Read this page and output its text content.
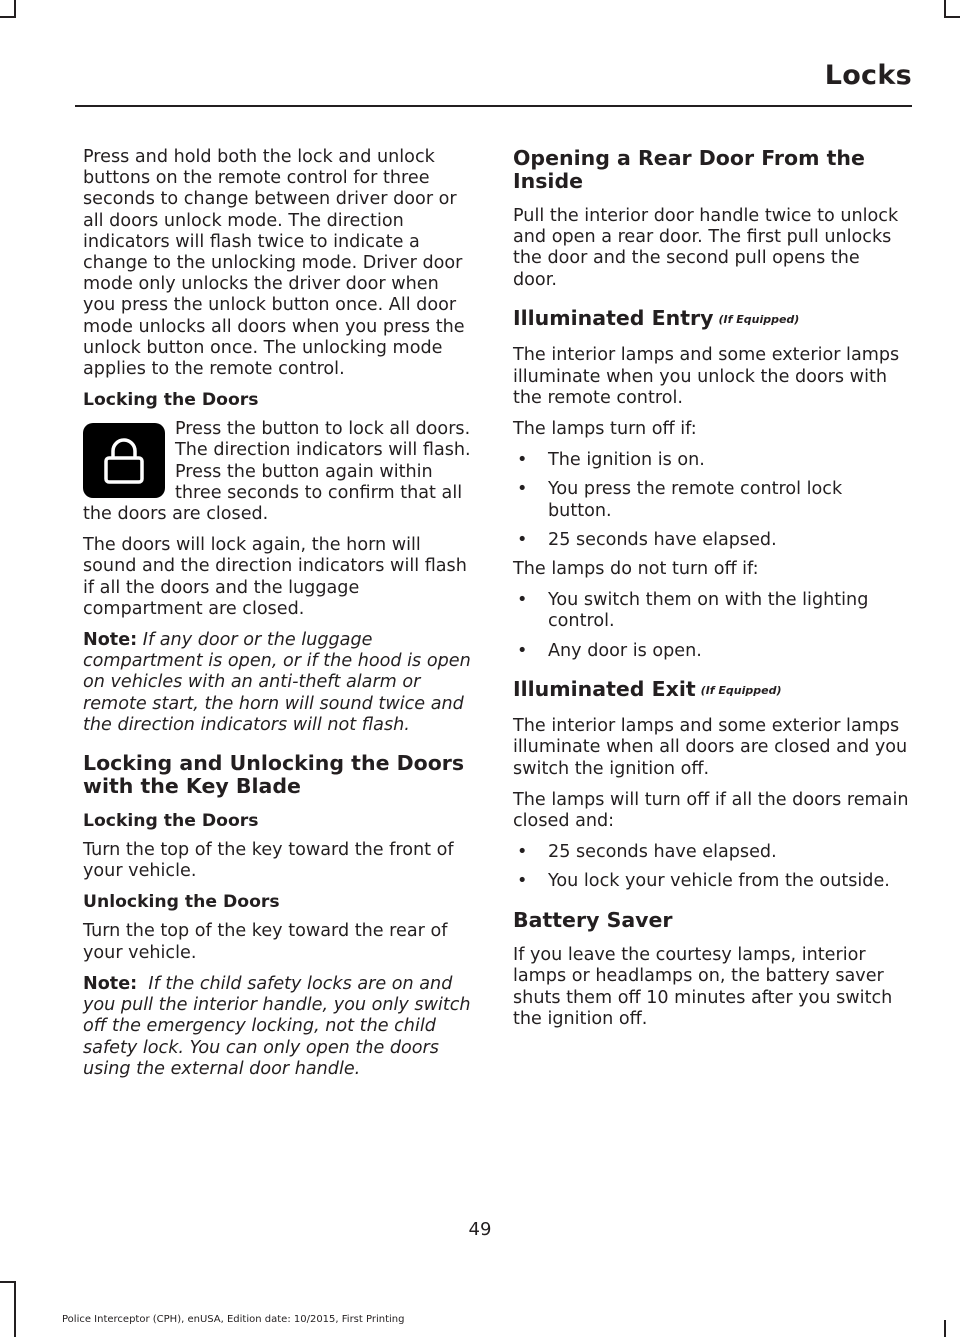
Locks

Press and hold both the lock and unlock buttons on the remote control for three seconds to change between driver door or all doors unlock mode. The direction indicators will flash twice to indicate a change to the unlocking mode. Driver door mode only unlocks the driver door when you press the unlock button once. All door mode unlocks all doors when you press the unlock button once. The unlocking mode applies to the remote control.

Locking the Doors

Press the button to lock all doors. The direction indicators will flash. Press the button again within three seconds to confirm that all the doors are closed.

The doors will lock again, the horn will sound and the direction indicators will flash if all the doors and the luggage compartment are closed.

Note: If any door or the luggage compartment is open, or if the hood is open on vehicles with an anti-theft alarm or remote start, the horn will sound twice and the direction indicators will not flash.

Locking and Unlocking the Doors with the Key Blade
Locking the Doors

Turn the top of the key toward the front of your vehicle.

Unlocking the Doors

Turn the top of the key toward the rear of your vehicle.

Note: If the child safety locks are on and you pull the interior handle, you only switch off the emergency locking, not the child safety lock. You can only open the doors using the external door handle.

Opening a Rear Door From the Inside

Pull the interior door handle twice to unlock and open a rear door. The first pull unlocks the door and the second pull opens the door.

Illuminated Entry (If Equipped)

The interior lamps and some exterior lamps illuminate when you unlock the doors with the remote control.

The lamps turn off if:

• The ignition is on.
• You press the remote control lock button.
• 25 seconds have elapsed.

The lamps do not turn off if:

• You switch them on with the lighting control.
• Any door is open.
Illuminated Exit (If Equipped)

The interior lamps and some exterior lamps illuminate when all doors are closed and you switch the ignition off.

The lamps will turn off if all the doors remain closed and:

• 25 seconds have elapsed.
• You lock your vehicle from the outside.
Battery Saver

If you leave the courtesy lamps, interior lamps or headlamps on, the battery saver shuts them off 10 minutes after you switch the ignition off.

49
Police Interceptor (CPH), enUSA, Edition date: 10/2015, First Printing
